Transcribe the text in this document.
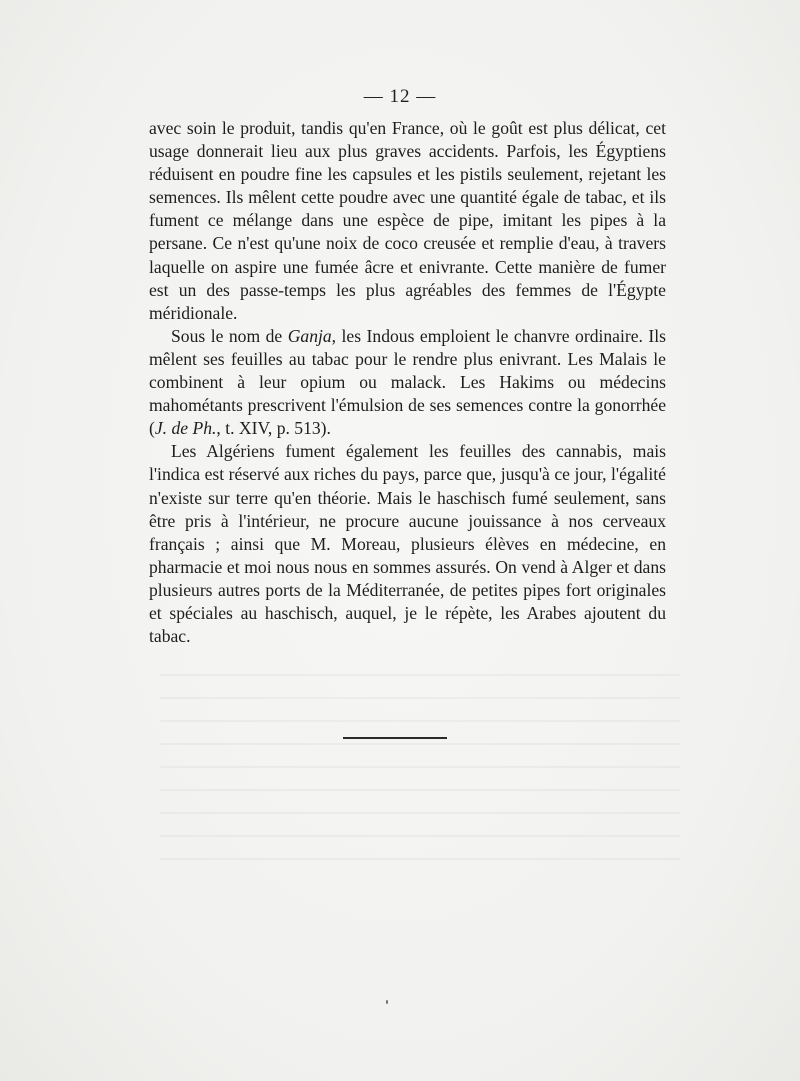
— 12 —

avec soin le produit, tandis qu'en France, où le goût est plus délicat, cet usage donnerait lieu aux plus graves accidents. Parfois, les Égyptiens réduisent en poudre fine les capsules et les pistils seulement, rejetant les semences. Ils mêlent cette poudre avec une quantité égale de tabac, et ils fument ce mélange dans une espèce de pipe, imitant les pipes à la persane. Ce n'est qu'une noix de coco creusée et remplie d'eau, à travers laquelle on aspire une fumée âcre et enivrante. Cette manière de fumer est un des passe-temps les plus agréables des femmes de l'Égypte méridionale.

Sous le nom de Ganja, les Indous emploient le chanvre ordinaire. Ils mêlent ses feuilles au tabac pour le rendre plus enivrant. Les Malais le combinent à leur opium ou malack. Les Hakims ou médecins mahométants prescrivent l'émulsion de ses semences contre la gonorrhée (J. de Ph., t. XIV, p. 513).

Les Algériens fument également les feuilles des cannabis, mais l'indica est réservé aux riches du pays, parce que, jusqu'à ce jour, l'égalité n'existe sur terre qu'en théorie. Mais le haschisch fumé seulement, sans être pris à l'intérieur, ne procure aucune jouissance à nos cerveaux français ; ainsi que M. Moreau, plusieurs élèves en médecine, en pharmacie et moi nous nous en sommes assurés. On vend à Alger et dans plusieurs autres ports de la Méditerranée, de petites pipes fort originales et spéciales au haschisch, auquel, je le répète, les Arabes ajoutent du tabac.
